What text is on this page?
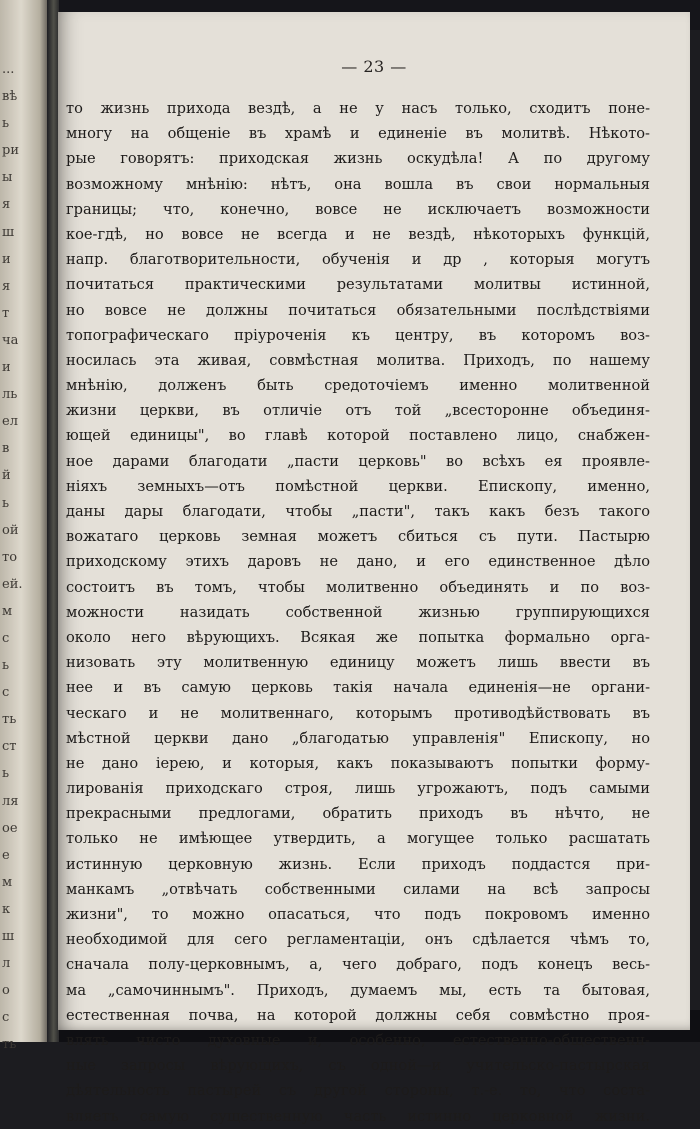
...
вѣ
ь
ри
ы
я
ш
и
я
т
ча
и
ль
ел
в
й
ь
ой
то
ей.
м
с
ь
с
ть
ст
ь
ля
ое
е
м
к
ш
л
о
с
ть
— 23 —
то жизнь прихода вездѣ, а не у насъ только, сходитъ поне-
многу на общеніе въ храмѣ и единеніе въ молитвѣ. Нѣкото-
рые говорятъ: приходская жизнь оскудѣла! А по другому
возможному мнѣнію: нѣтъ, она вошла въ свои нормальныя
границы; что, конечно, вовсе не исключаетъ возможности
кое-гдѣ, но вовсе не всегда и не вездѣ, нѣкоторыхъ функцій,
напр. благотворительности, обученія и др , которыя могутъ
почитаться практическими результатами молитвы истинной,
но вовсе не должны почитаться обязательными послѣдствіями
топографическаго пріуроченія къ центру, въ которомъ воз-
носилась эта живая, совмѣстная молитва. Приходъ, по нашему
мнѣнію, долженъ быть средоточіемъ именно молитвенной
жизни церкви, въ отличіе отъ той „всесторонне объединя-
ющей единицы", во главѣ которой поставлено лицо, снабжен-
ное дарами благодати „пасти церковь" во всѣхъ ея проявле-
ніяхъ земныхъ—отъ помѣстной церкви. Епископу, именно,
даны дары благодати, чтобы „пасти", такъ какъ безъ такого
вожатаго церковь земная можетъ сбиться съ пути. Пастырю
приходскому этихъ даровъ не дано, и его единственное дѣло
состоитъ въ томъ, чтобы молитвенно объединять и по воз-
можности назидать собственной жизнью группирующихся
около него вѣрующихъ. Всякая же попытка формально орга-
низовать эту молитвенную единицу можетъ лишь ввести въ
нее и въ самую церковь такія начала единенія—не органи-
ческаго и не молитвеннаго, которымъ противодѣйствовать въ
мѣстной церкви дано „благодатью управленія" Епископу, но
не дано іерею, и которыя, какъ показываютъ попытки форму-
лированія приходскаго строя, лишь угрожаютъ, подъ самыми
прекрасными предлогами, обратить приходъ въ нѣчто, не
только не имѣющее утвердить, а могущее только расшатать
истинную церковную жизнь. Если приходъ поддастся при-
манкамъ „отвѣчать собственными силами на всѣ запросы
жизни", то можно опасаться, что подъ покровомъ именно
необходимой для сего регламентаціи, онъ сдѣлается чѣмъ то,
сначала полу-церковнымъ, а, чего добраго, подъ конецъ весь-
ма „самочиннымъ". Приходъ, думаемъ мы, есть та бытовая,
естественная почва, на которой должны себя совмѣстно проя-
влять чисто духовные и, особенно, естественно-общественн-
ныe запросы вѣрующихъ, съ одной—и учительско-пастырская
дѣятельность пастырей съ другой стороны, т.-е. то, что соста-
вляетъ самую существенную часть истинно церковной жизни.
